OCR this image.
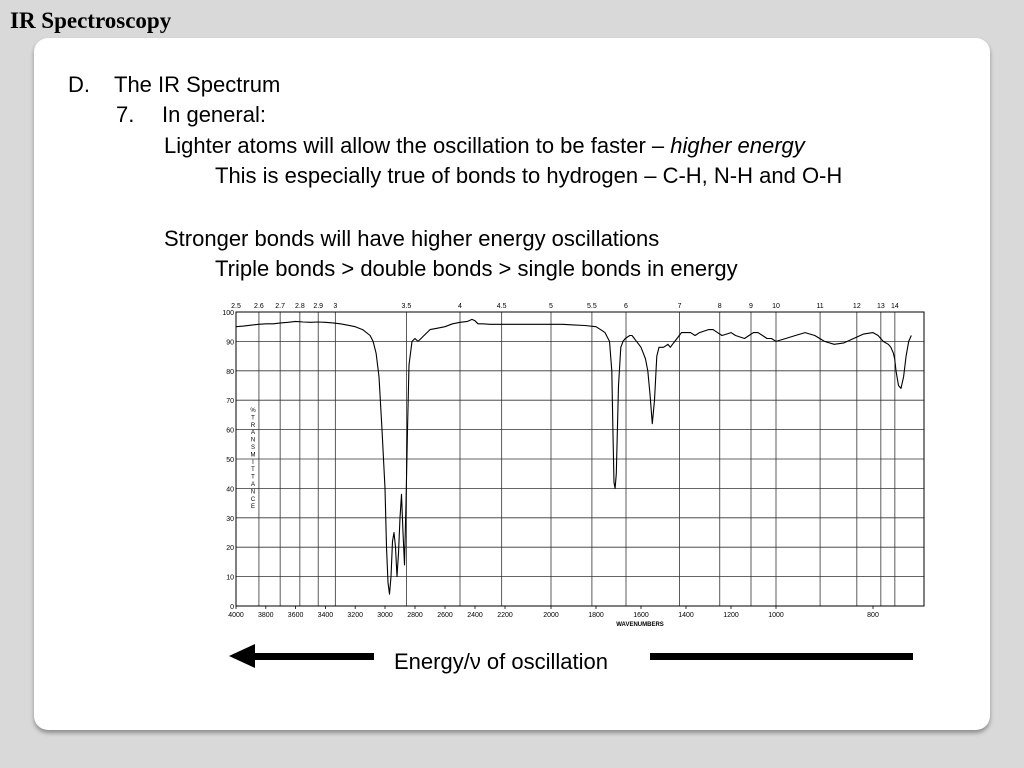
IR Spectroscopy
D. The IR Spectrum
7. In general:
Lighter atoms will allow the oscillation to be faster – higher energy
This is especially true of bonds to hydrogen – C-H, N-H and O-H
Stronger bonds will have higher energy oscillations
Triple bonds > double bonds > single bonds in energy
0
10
20
30
40
50
60
70
80
90
100
2.5 2.6 2.7 2.8 2.9 3	3.5	4	4.5	5	5.5	6	7	8	9	10	11	12 13 14
4000 3800 3600 3400 3200 3000 2800 2600 2400 2200	2000	1800	1600	1400	1200	1000	800
WAVENUMBERS
%
T
R
A
N
S
M
I
T
T
A
N
C
E
Energy/ν of oscillation
